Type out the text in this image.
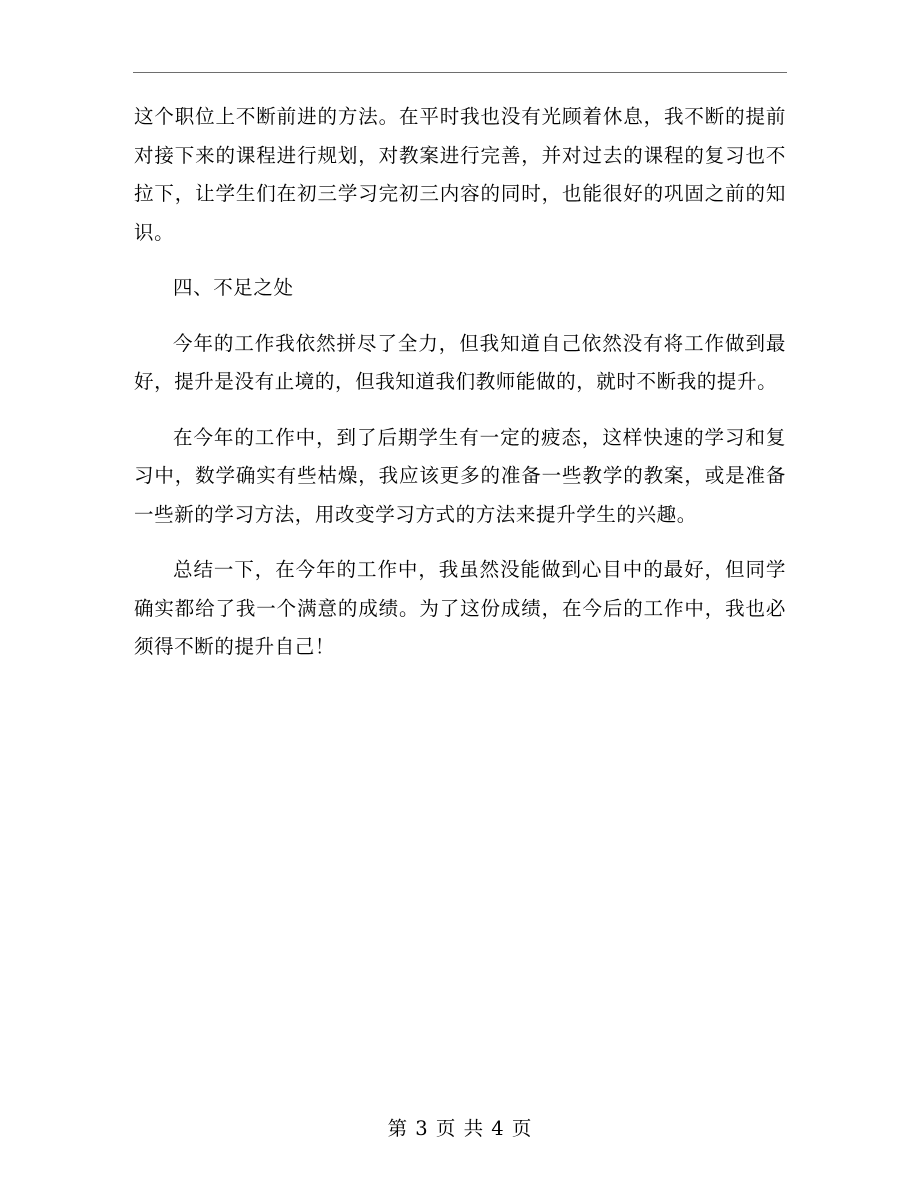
这个职位上不断前进的方法。在平时我也没有光顾着休息，我不断的提前对接下来的课程进行规划，对教案进行完善，并对过去的课程的复习也不拉下，让学生们在初三学习完初三内容的同时，也能很好的巩固之前的知识。

四、不足之处

今年的工作我依然拼尽了全力，但我知道自己依然没有将工作做到最好，提升是没有止境的，但我知道我们教师能做的，就时不断我的提升。

在今年的工作中，到了后期学生有一定的疲态，这样快速的学习和复习中，数学确实有些枯燥，我应该更多的准备一些教学的教案，或是准备一些新的学习方法，用改变学习方式的方法来提升学生的兴趣。

总结一下，在今年的工作中，我虽然没能做到心目中的最好，但同学确实都给了我一个满意的成绩。为了这份成绩，在今后的工作中，我也必须得不断的提升自己！

第 3 页 共 4 页
